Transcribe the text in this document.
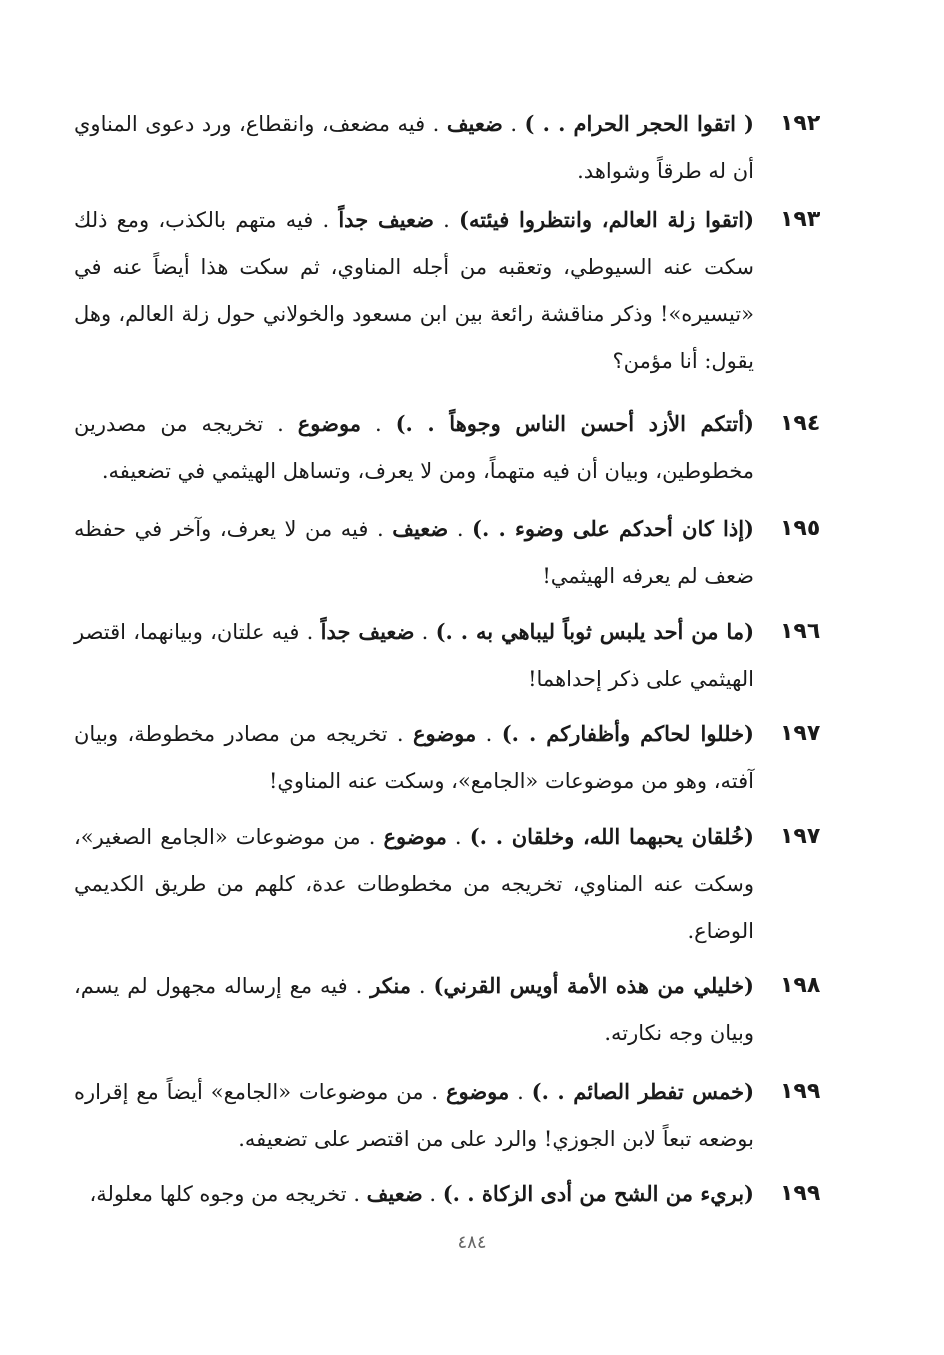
١٩٢
( اتقوا الحجر الحرام . . ) . ضعيف . فيه مضعف، وانقطاع، ورد دعوى المناوي أن له طرقاً وشواهد.
١٩٣
(اتقوا زلة العالم، وانتظروا فيئته) . ضعيف جداً . فيه متهم بالكذب، ومع ذلك سكت عنه السيوطي، وتعقبه من أجله المناوي، ثم سكت هذا أيضاً عنه في «تيسيره»! وذكر مناقشة رائعة بين ابن مسعود والخولاني حول زلة العالم، وهل يقول: أنا مؤمن؟
١٩٤
(أتتكم الأزد أحسن الناس وجوهاً . .) . موضوع . تخريجه من مصدرين مخطوطين، وبيان أن فيه متهماً، ومن لا يعرف، وتساهل الهيثمي في تضعيفه.
١٩٥
(إذا كان أحدكم على وضوء . .) . ضعيف . فيه من لا يعرف، وآخر في حفظه ضعف لم يعرفه الهيثمي!
١٩٦
(ما من أحد يلبس ثوباً ليباهي به . .) . ضعيف جداً . فيه علتان، وبيانهما، اقتصر الهيثمي على ذكر إحداهما!
١٩٧
(خللوا لحاكم وأظفاركم . .) . موضوع . تخريجه من مصادر مخطوطة، وبيان آفته، وهو من موضوعات «الجامع»، وسكت عنه المناوي!
١٩٧
(خُلقان يحبهما الله، وخلقان . .) . موضوع . من موضوعات «الجامع الصغير»، وسكت عنه المناوي، تخريجه من مخطوطات عدة، كلهم من طريق الكديمي الوضاع.
١٩٨
(خليلي من هذه الأمة أويس القرني) . منكر . فيه مع إرساله مجهول لم يسم، وبيان وجه نكارته.
١٩٩
(خمس تفطر الصائم . .) . موضوع . من موضوعات «الجامع» أيضاً مع إقراره بوضعه تبعاً لابن الجوزي! والرد على من اقتصر على تضعيفه.
١٩٩
(بريء من الشح من أدى الزكاة . .) . ضعيف . تخريجه من وجوه كلها معلولة،
٤٨٤
